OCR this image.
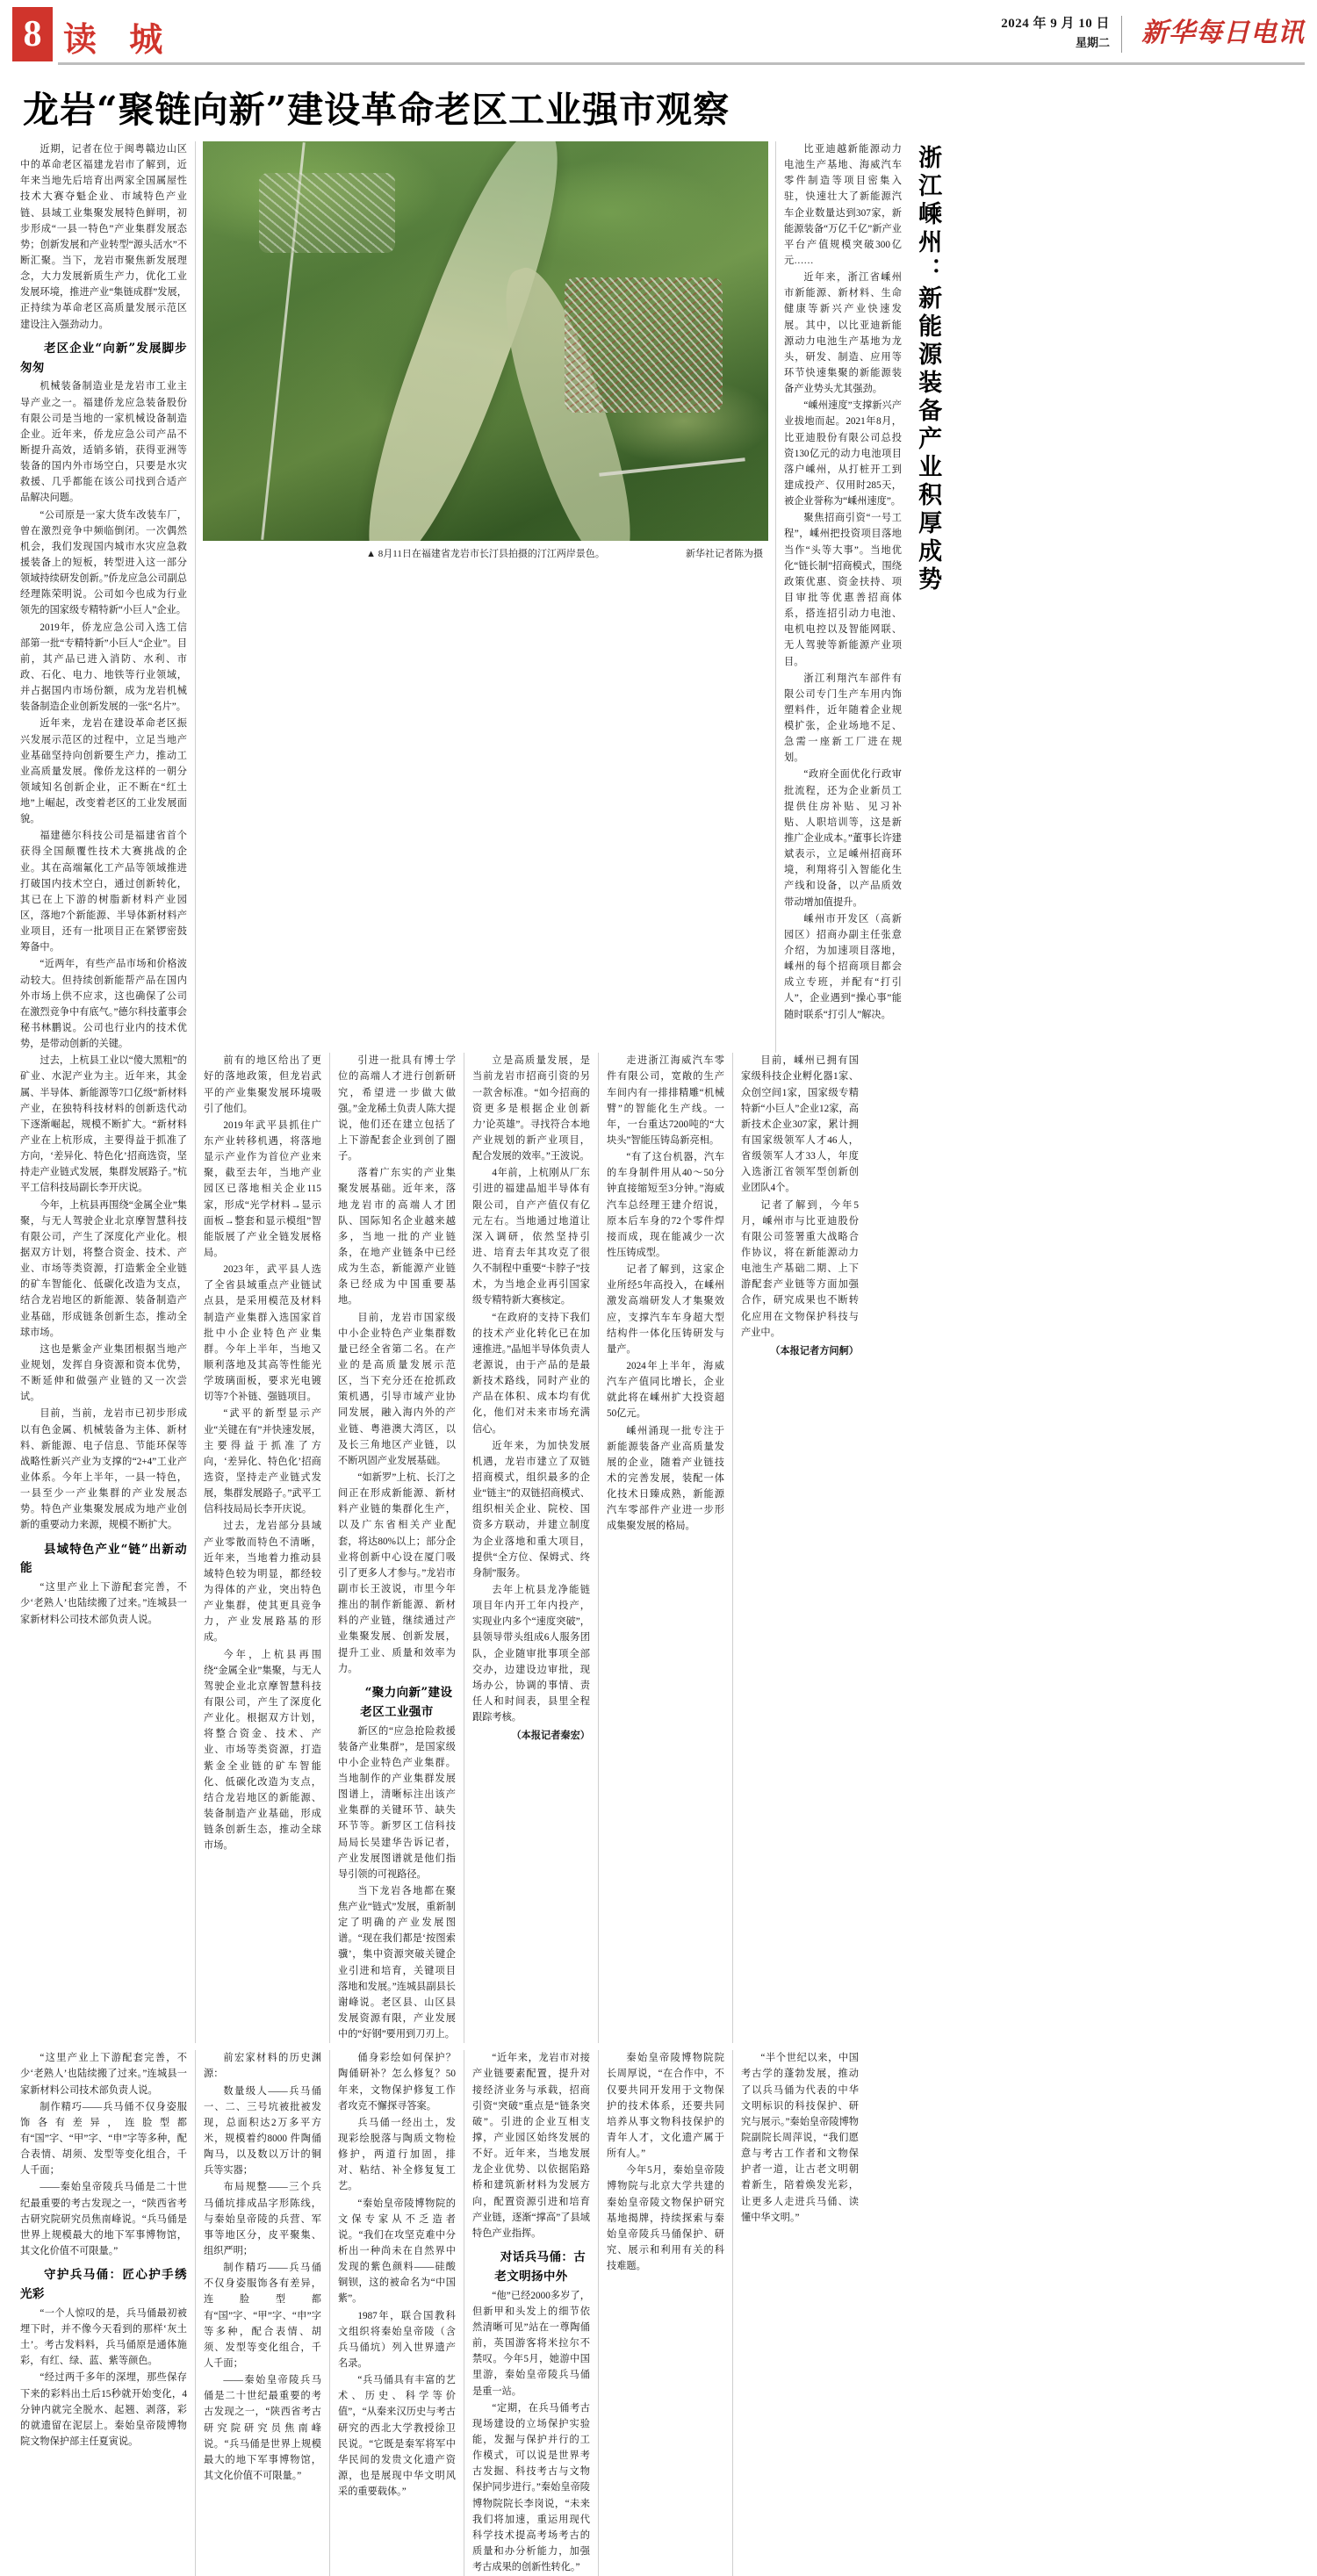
8 读 城	2024 年 9 月 10 日
星期二 新华每日电讯
龙岩“聚链向新”建设革命老区工业强市观察

近期，记者在位于闽粤赣边山区中的革命老区福建龙岩市了解到，近年来当地先后培育出两家全国属屋性技术大赛夺魁企业、市域特色产业链、县域工业集聚发展特色鲜明，初步形成“一县一特色”产业集群发展态势；创新发展和产业转型“源头活水”不断汇聚。当下，龙岩市聚焦新发展理念，大力发展新质生产力，优化工业发展环境，推进产业“集链成群”发展，正持续为革命老区高质量发展示范区建设注入强劲动力。

老区企业“向新”发展脚步匆匆

机械装备制造业是龙岩市工业主导产业之一。福建侨龙应急装备股份有限公司是当地的一家机械设备制造企业。近年来，侨龙应急公司产品不断提升高效，适销多销，获得亚洲等装备的国内外市场空白，只要是水灾救援、几乎都能在该公司找到合适产品解决问题。

“公司原是一家大货车改装车厂，曾在激烈竞争中频临倒闭。一次偶然机会，我们发现国内城市水灾应急救援装备上的短板，转型进入这一部分领域持续研发创新。”侨龙应急公司副总经理陈荣明说。公司如今也成为行业领先的国家级专精特新“小巨人”企业。

2019年，侨龙应急公司入选工信部第一批“专精特新”小巨人“企业”。目前，其产品已进入消防、水利、市政、石化、电力、地铁等行业领域，并占据国内市场份额，成为龙岩机械装备制造企业创新发展的一张“名片”。

近年来，龙岩在建设革命老区振兴发展示范区的过程中，立足当地产业基础坚持向创新要生产力，推动工业高质量发展。像侨龙这样的一朝分领域知名创新企业，正不断在“红土地”上崛起，改变着老区的工业发展面貌。

福建德尔科技公司是福建省首个获得全国颠覆性技术大赛挑战的企业。其在高端氟化工产品等领域推进打破国内技术空白，通过创新转化，其已在上下游的树脂新材料产业园区，落地7个新能源、半导体新材料产业项目，还有一批项目正在紧锣密鼓筹备中。

“近两年，有些产品市场和价格波动较大。但持续创新能帮产品在国内外市场上供不应求，这也确保了公司在激烈竞争中有底气。”德尔科技董事会秘书林鹏说。公司也行业内的技术优势，是带动创新的关键。

▲ 8月11日在福建省龙岩市长汀县拍摄的汀江两岸景色。	新华社记者陈为摄

比亚迪越新能源动力电池生产基地、海威汽车零件制造等项目密集入驻，快速壮大了新能源汽车企业数量达到307家，新能源装备“万亿千亿”新产业平台产值规模突破300亿元……

近年来，浙江省嵊州市新能源、新材料、生命健康等新兴产业快速发展。其中，以比亚迪新能源动力电池生产基地为龙头，研发、制造、应用等环节快速集聚的新能源装备产业势头尤其强劲。

“嵊州速度”支撑新兴产业拔地而起。2021年8月，比亚迪股份有限公司总投资130亿元的动力电池项目落户嵊州，从打桩开工到建成投产、仅用时285天，被企业誉称为“嵊州速度”。

聚焦招商引资“一号工程”，嵊州把投资项目落地当作“头等大事”。当地优化“链长制”招商模式，围绕政策优惠、资金扶持、项目审批等优惠善招商体系，搭连招引动力电池、电机电控以及智能网联、无人驾驶等新能源产业项目。

浙江利翔汽车部件有限公司专门生产车用内饰塑料件，近年随着企业规模扩张，企业场地不足、急需一座新工厂进在规划。

“政府全面优化行政审批流程，还为企业新员工提供住房补贴、见习补贴、人职培训等，这是新推广企业成本。”董事长许建斌表示，立足嵊州招商环境，利翔将引入智能化生产线和设备，以产品质效带动增加值提升。

嵊州市开发区（高新园区）招商办副主任张意介绍，为加速项目落地，嵊州的每个招商项目都会成立专班，并配有“打引人”，企业遇到“操心事”能随时联系“打引人”解决。

浙江嵊州：新能源装备产业积厚成势

过去，上杭县工业以“傻大黑粗”的矿业、水泥产业为主。近年来，其金属、半导体、新能源等7口亿级“新材料产业，在独特科技材料的创新迭代动下逐渐崛起，规模不断扩大。“新材料产业在上杭形成，主要得益于抓准了方向，‘差异化、特色化’招商选资，坚持走产业链式发展，集群发展路子。”杭平工信科技局副长李开庆说。

今年，上杭县再围绕“金属全业”集聚，与无人驾驶企业北京摩智慧科技有限公司，产生了深度化产业化。根据双方计划，将整合资金、技术、产业、市场等类资源，打造紫金全业链的矿车智能化、低碳化改造为支点，结合龙岩地区的新能源、装备制造产业基础，形成链条创新生态，推动全球市场。

这也是紫金产业集团根据当地产业规划，发挥自身资源和资本优势，不断延伸和做强产业链的又一次尝试。

目前，当前，龙岩市已初步形成以有色金属、机械装备为主体、新材料、新能源、电子信息、节能环保等战略性新兴产业为支撑的“2+4”工业产业体系。今年上半年，一县一特色，一县至少一产业集群的产业发展态势。特色产业集聚发展成为地产业创新的重要动力来源，规模不断扩大。

县域特色产业“链”出新动能

“这里产业上下游配套完善，不少‘老熟人’也陆续搬了过来。”连城县一家新材料公司技术部负责人说。

前有的地区给出了更好的落地政策，但龙岩武平的产业集聚发展环境吸引了他们。

2019年武平县抓住广东产业转移机遇，将落地显示产业作为首位产业来聚，截至去年，当地产业园区已落地相关企业115家，形成“光学材料→显示面板→整套和显示模组”智能版展了产业全链发展格局。

2023年，武平县人选了全省县域重点产业链试点县，是采用模范及材料制造产业集群入选国家首批中小企业特色产业集群。今年上半年，当地又顺利落地及其高等性能光学玻璃面板，要求光电镀切等7个补链、强链项目。

“武平的新型显示产业“关键在有”并快速发展，主要得益于抓准了方向，‘差异化、特色化’招商选资，坚持走产业链式发展，集群发展路子。”武平工信科技局局长李开庆说。

过去，龙岩部分县域产业零散而特色不清晰，近年来，当地着力推动县域特色较为明显，都经较为得体的产业，突出特色产业集群，使其更具竞争力，产业发展路基的形成。

今年，上杭县再围绕“金属全业”集聚，与无人驾驶企业北京摩智慧科技有限公司，产生了深度化产业化。根据双方计划，将整合资金、技术、产业、市场等类资源，打造紫金全业链的矿车智能化、低碳化改造为支点，结合龙岩地区的新能源、装备制造产业基础，形成链条创新生态，推动全球市场。

引进一批具有博士学位的高端人才进行创新研究，希望进一步做大做强。”金龙稀土负责人陈大提说，他们还在建立包括了上下游配套企业到创了圈子。

落着广东实的产业集聚发展基础。近年来，落地龙岩市的高端人才团队、国际知名企业越来越多，当地一批的产业链条，在地产业链条中已经成为生态，新能源产业链条已经成为中国重要基地。

目前，龙岩市国家级中小企业特色产业集群数量已经全省第二名。在产业的是高质量发展示范区，当下充分还在抢抓政策机遇，引导市域产业协同发展，融入海内外的产业链、粤港澳大湾区，以及长三角地区产业链，以不断巩固产业发展基础。

“如新罗”上杭、长汀之间正在形成新能源、新材料产业链的集群化生产，以及广东省相关产业配套，将达80%以上；部分企业将创新中心设在厦门吸引了更多人才参与。”龙岩市副市长王波说，市里今年推出的制作新能源、新材料的产业链，继续通过产业集聚发展、创新发展，提升工业、质量和效率为力。

“聚力向新”建设老区工业强市

新区的“应急抢险救援装备产业集群”，是国家级中小企业特色产业集群。当地制作的产业集群发展图谱上，清晰标注出该产业集群的关键环节、缺失环节等。新罗区工信科技局局长吴建华告诉记者，产业发展图谱就是他们指导引领的可视路径。

当下龙岩各地都在聚焦产业“链式”发展，重新制定了明确的产业发展图谱。“现在我们都是‘按图索骥’，集中资源突破关键企业引进和培育，关键项目落地和发展。”连城县副县长谢峰说。老区县、山区县发展资源有限，产业发展中的“好钢”要用到刀刃上。

立是高质量发展，是当前龙岩市招商引资的另一款舍标准。“如今招商的资更多是根据企业创新力’论英雄”。寻找符合本地产业规划的新产业项目，配合发展的效率。”王波说。

4年前，上杭刚从厂东引进的福建晶旭半导体有限公司，自产产值仅有亿元左右。当地通过地道让深入调研，依然坚持引进、培育去年其攻克了很久不制程中重要“卡脖子”技术，为当地企业再引国家级专精特新大赛核定。

“在政府的支持下我们的技术产业化转化已在加速推进。”晶旭半导体负责人老源说，由于产品的是最新技术路线，同时产业的产品在体积、成本均有优化，他们对未来市场充满信心。

近年来，为加快发展机遇，龙岩市建立了双链招商模式，组织最多的企业“链主”的双链招商模式、组织相关企业、院校、国资多方联动，并建立制度为企业落地和重大项目，提供“全方位、保姆式、终身制”服务。

去年上杭县龙净能链项目年内开工年内投产，实现业内多个“速度突破”，县领导带头组成6人服务团队，企业随审批事项全部交办，边建设边审批，现场办公，协调的事情、责任人和时间表，县里全程跟踪考核。

（本报记者秦宏）

走进浙江海威汽车零件有限公司，宽敞的生产车间内有一排排精雕“机械臂”的智能化生产线。一年，一台重达7200吨的“大块头”智能压铸岛新亮相。

“有了这台机器，汽车的车身制件用从40～50分钟直接缩短至3分钟。”海威汽车总经理王建介绍说，原本后车身的72个零件焊接而成，现在能减少一次性压铸成型。

记者了解到，这家企业所经5年高投入，在嵊州激发高端研发人才集聚效应，支撑汽车车身超大型结构件一体化压铸研发与量产。

2024年上半年，海威汽车产值同比增长，企业就此将在嵊州扩大投资超50亿元。

嵊州涌现一批专注于新能源装备产业高质量发展的企业，随着产业链技术的完善发展，装配一体化技术日臻成熟，新能源汽车零部件产业进一步形成集聚发展的格局。

目前，嵊州已拥有国家级科技企业孵化器1家、众创空间1家，国家级专精特新“小巨人”企业12家，高新技术企业307家，累计拥有国家级领军人才46人，省级领军人才33人，年度入选浙江省领军型创新创业团队4个。

记者了解到，今年5月，嵊州市与比亚迪股份有限公司签署重大战略合作协议，将在新能源动力电池生产基础二期、上下游配套产业链等方面加强合作，研究成果也不断转化应用在文物保护科技与产业中。

（本报记者方问舸）

“这里产业上下游配套完善，不少‘老熟人’也陆续搬了过来。”连城县一家新材料公司技术部负责人说。

制作精巧——兵马俑不仅身姿服饰各有差异，连脸型都有“国”字、“甲”字、“申”字等多种，配合表情、胡须、发型等变化组合，千人千面；

——秦始皇帝陵兵马俑是二十世纪最重要的考古发现之一，“陕西省考古研究院研究员焦南峰说。“兵马俑是世界上规模最大的地下军事博物馆，其文化价值不可限量。”

守护兵马俑：匠心护手绣光彩

“一个人惊叹的是，兵马俑最初被埋下时，并不像今天看到的那样‘灰土土’。考古发料料，兵马俑原是通体施彩，有红、绿、蓝、紫等颜色。

“经过两千多年的深埋，那些保存下来的彩料出土后15秒就开始变化，4分钟内就完全脱水、起翘、剥落，彩的就遗留在泥层上。秦始皇帝陵博物院文物保护部主任夏寅说。

前宏家材料的历史渊源：

数量级人——兵马俑一、二、三号坑被批被发现，总面积达2万多平方米，规模着约8000 件陶俑陶马，以及数以万计的铜兵等实器；

布局规整——三个兵马俑坑排成品字形陈线，与秦始皇帝陵的兵营、军事等地区分，皮平聚集、组织严明；

制作精巧——兵马俑不仅身姿服饰各有差异，连脸型都有“国”字、“甲”字、“申”字等多种，配合表情、胡须、发型等变化组合，千人千面；

——秦始皇帝陵兵马俑是二十世纪最重要的考古发现之一，“陕西省考古研究院研究员焦南峰说。“兵马俑是世界上规模最大的地下军事博物馆，其文化价值不可限量。”

俑身彩绘如何保护？陶俑研补？怎么修复？50年来，文物保护修复工作者攻克不懈探寻答案。

兵马俑一经出土，发现彩绘脱落与陶质文物检修护，两道行加固，排对、粘结、补全修复复工艺。

“秦始皇帝陵博物院的文保专家从不乏造者说。“我们在攻坚克难中分析出一种尚未在自然界中发现的紫色颜料——硅酸铜钡，这的被命名为“中国紫”。

1987年，联合国教科文组织将秦始皇帝陵（含兵马俑坑）列入世界遗产名录。

“兵马俑具有丰富的艺术、历史、科学等价值”，“从秦来汉历史与考古研究的西北大学教授徐卫民说。“它既是秦军将军中华民间的发贵文化遗产资源，也是展现中华文明风采的重要载体。”

“近年来，龙岩市对接产业链要素配置，提升对接经济业务与承载，招商引资“突破”重点是“链条突破”。引进的企业互相支撑，产业园区始终发展的不好。近年来，当地发展龙企业优势、以依据陷路桥和建筑新材料为发展方向，配置资源引进和培育产业链，逐渐“撑高”了县域特色产业指挥。

对话兵马俑：古老文明扬中外

“他”已经2000多岁了，但新甲和头发上的细节依然清晰可见”站在一尊陶俑前，英国游客将米拉尔不禁叹。今年5月，她游中国里游，秦始皇帝陵兵马俑是重一站。

“定期，在兵马俑考古现场建设的立场保护实验能，发掘与保护并行的工作模式，可以说是世界考古发掘、科技考古与文物保护同步进行。”秦始皇帝陵博物院院长李岗说，“未来我们将加速，重运用现代科学技术提高考场考古的质量和办分析能力，加强考古成果的创新性转化。”

秦始皇帝陵博物院院长周厚说，“在合作中，不仅要共同开发用于文物保护的技术体系，还要共同培养从事文物科技保护的青年人才，文化遗产属于所有人。”

今年5月，秦始皇帝陵博物院与北京大学共建的秦始皇帝陵文物保护研究基地揭牌，持续探索与秦始皇帝陵兵马俑保护、研究、展示和利用有关的科技难题。

“半个世纪以来，中国考古学的蓬勃发展，推动了以兵马俑为代表的中华文明标识的科技保护、研究与展示。”秦始皇帝陵博物院副院长周萍说，“我们愿意与考古工作者和文物保护者一道，让古老文明朝着新生，陪着焕发光彩，让更多人走进兵马俑、读懂中华文明。”
